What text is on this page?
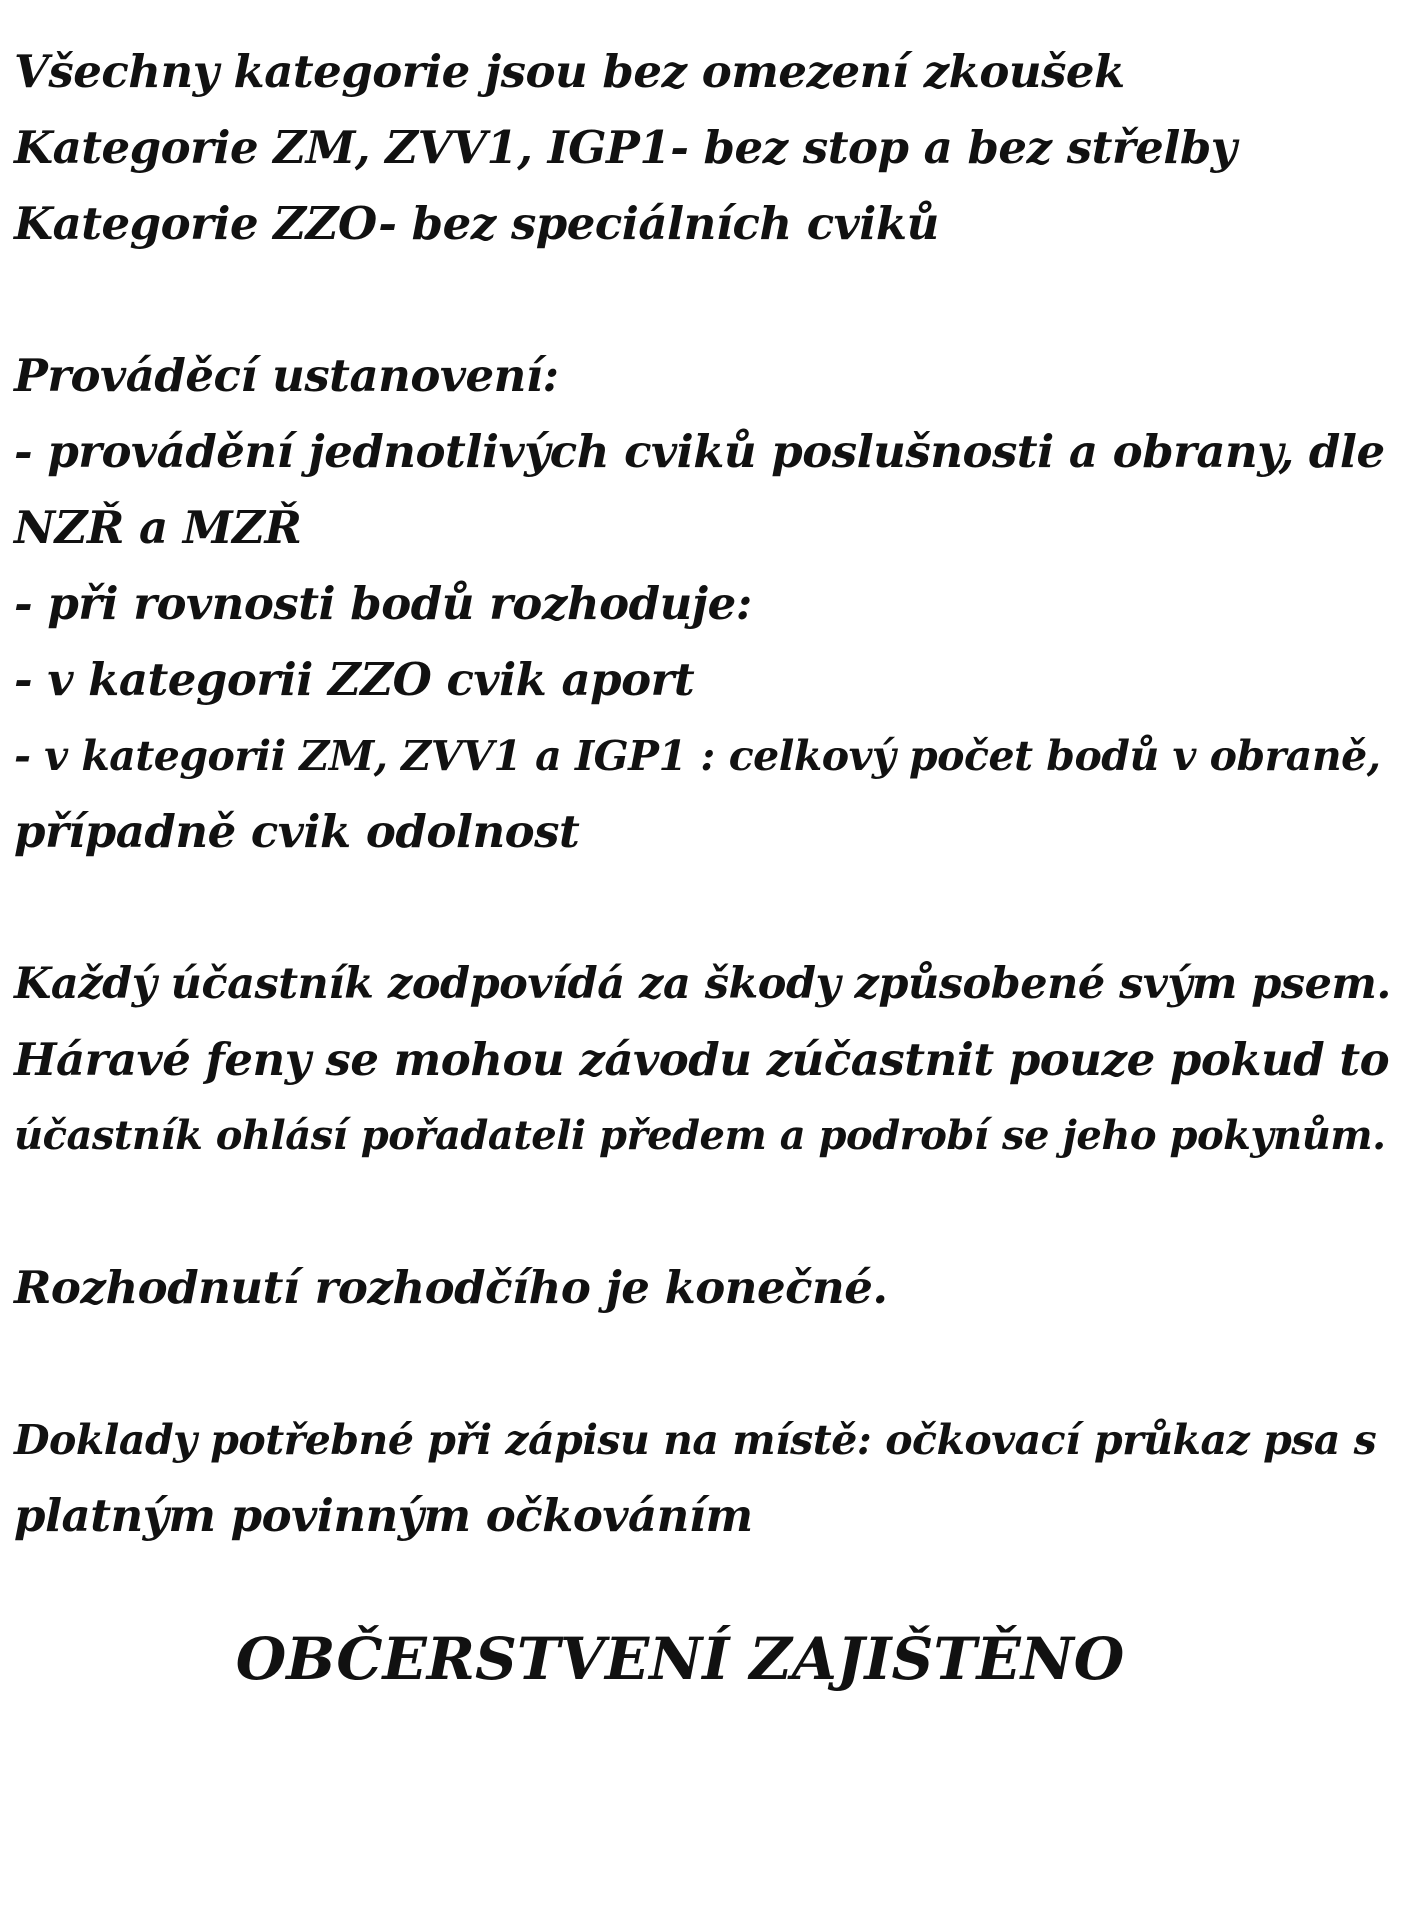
Všechny kategorie jsou bez omezení zkoušek
Kategorie ZM, ZVV1, IGP1- bez stop a bez střelby
Kategorie ZZO- bez speciálních cviků
Prováděcí ustanovení:
- provádění jednotlivých cviků poslušnosti a obrany, dle
NZŘ a MZŘ
- při rovnosti bodů rozhoduje:
- v kategorii ZZO cvik aport
- v kategorii ZM, ZVV1 a IGP1 : celkový počet bodů v obraně,
případně cvik odolnost
Každý účastník zodpovídá za škody způsobené svým psem.
Háravé feny se mohou závodu zúčastnit pouze pokud to
účastník ohlásí pořadateli předem a podrobí se jeho pokynům.
Rozhodnutí rozhodčího je konečné.
Doklady potřebné při zápisu na místě: očkovací průkaz psa s
platným povinným očkováním
OBČERSTVENÍ ZAJIŠTĚNO
